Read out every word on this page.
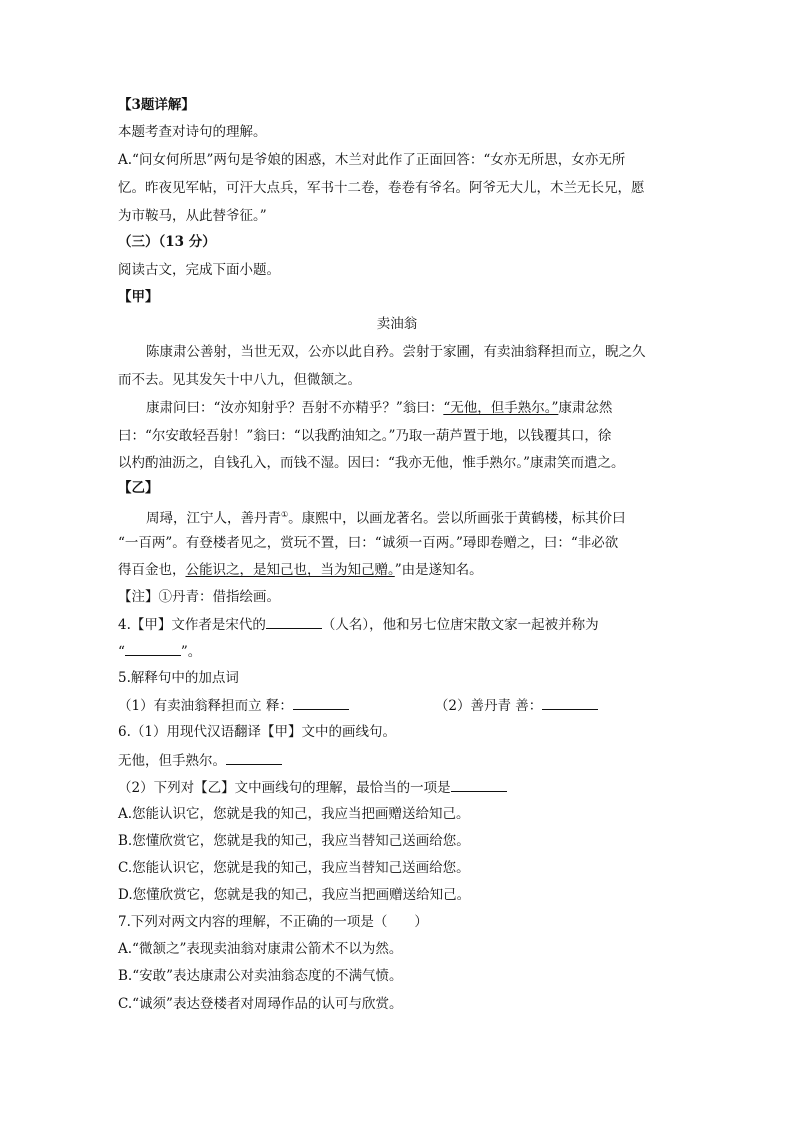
【3题详解】
本题考查对诗句的理解。
A.“问女何所思”两句是爷娘的困惑，木兰对此作了正面回答：“女亦无所思，女亦无所
忆。昨夜见军帖，可汗大点兵，军书十二卷，卷卷有爷名。阿爷无大儿，木兰无长兄，愿
为市鞍马，从此替爷征。”
（三）（13 分）
阅读古文，完成下面小题。
【甲】
卖油翁
陈康肃公善射，当世无双，公亦以此自矜。尝射于家圃，有卖油翁释担而立，睨之久
而不去。见其发矢十中八九，但微颔之。
康肃问曰：“汝亦知射乎？吾射不亦精乎？”翁曰：“无他，但手熟尔。”康肃忿然
曰：“尔安敢轻吾射！”翁曰：“以我酌油知之。”乃取一葫芦置于地，以钱覆其口，徐
以杓酌油沥之，自钱孔入，而钱不湿。因曰：“我亦无他，惟手熟尔。”康肃笑而遣之。
【乙】
周璕，江宁人，善丹青①。康熙中，以画龙著名。尝以所画张于黄鹤楼，标其价曰
“一百两”。有登楼者见之，赏玩不置，曰：“诚须一百两。”璕即卷赠之，曰：“非必欲
得百金也，公能识之，是知己也，当为知己赠。”由是遂知名。
【注】①丹青：借指绘画。
4.【甲】文作者是宋代的	（人名），他和另七位唐宋散文家一起被并称为
“	”。
5.解释句中的加点词
（1）有卖油翁释担而立 释：	（2）善丹青 善：
6.（1）用现代汉语翻译【甲】文中的画线句。
无他，但手熟尔。
（2）下列对【乙】文中画线句的理解，最恰当的一项是
A.您能认识它，您就是我的知己，我应当把画赠送给知己。
B.您懂欣赏它，您就是我的知己，我应当替知己送画给您。
C.您能认识它，您就是我的知己，我应当替知己送画给您。
D.您懂欣赏它，您就是我的知己，我应当把画赠送给知己。
7.下列对两文内容的理解，不正确的一项是（　　）
A.“微颔之”表现卖油翁对康肃公箭术不以为然。
B.“安敢”表达康肃公对卖油翁态度的不满气愤。
C.“诚须”表达登楼者对周璕作品的认可与欣赏。
